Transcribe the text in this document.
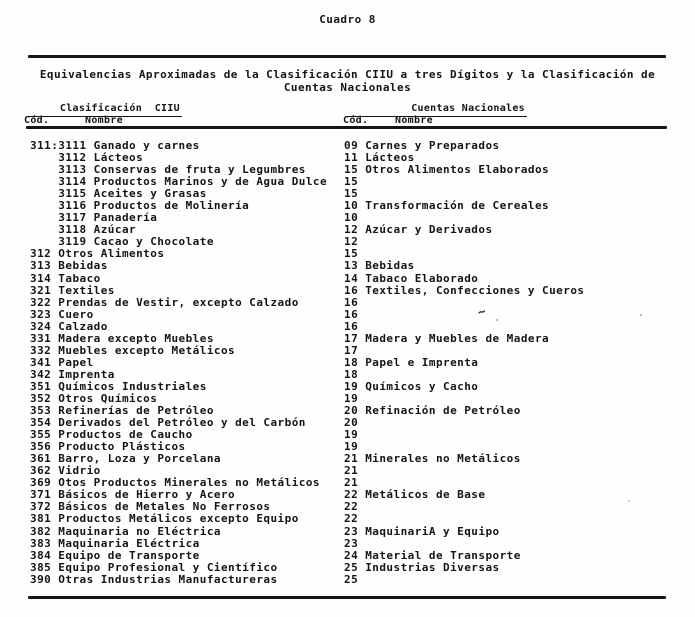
Cuadro 8
Equivalencias Aproximadas de la Clasificación CIIU a tres Dígitos y la Clasificación de
Cuentas Nacionales
Clasificación  CIIU	Cuentas Nacionales
Cód.	Nombre	Cód.	Nombre
311:3111 Ganado y carnes	09 Carnes y Preparados
3112 Lácteos	11 Lácteos
3113 Conservas de fruta y Legumbres	15 Otros Alimentos Elaborados
3114 Productos Marinos y de Agua Dulce 15
3115 Aceites y Grasas	15
3116 Productos de Molinería	10 Transformación de Cereales
3117 Panadería	10
3118 Azúcar	12 Azúcar y Derivados
3119 Cacao y Chocolate	12
312 Otros Alimentos	15
313 Bebidas	13 Bebidas
314 Tabaco	14 Tabaco Elaborado
321 Textiles	16 Textiles, Confecciones y Cueros
322 Prendas de Vestir, excepto Calzado	16
323 Cuero	16
324 Calzado	16
331 Madera excepto Muebles	17 Madera y Muebles de Madera
332 Muebles excepto Metálicos	17
341 Papel	18 Papel e Imprenta
342 Imprenta	18
351 Químicos Industriales	19 Químicos y Cacho
352 Otros Químicos	19
353 Refinerías de Petróleo	20 Refinación de Petróleo
354 Derivados del Petróleo y del Carbón	20
355 Productos de Caucho	19
356 Producto Plásticos	19
361 Barro, Loza y Porcelana	21 Minerales no Metálicos
362 Vidrio	21
369 Otos Productos Minerales no Metálicos 21
371 Básicos de Hierro y Acero	22 Metálicos de Base
372 Básicos de Metales No Ferrosos	22
381 Productos Metálicos excepto Equipo	22
382 Maquinaria no Eléctrica	23 MaquinariA y Equipo
383 Maquinaria Eléctrica	23
384 Equipo de Transporte	24 Material de Transporte
385 Equipo Profesional y Científico	25 Industrias Diversas
390 Otras Industrias Manufactureras	25
~
